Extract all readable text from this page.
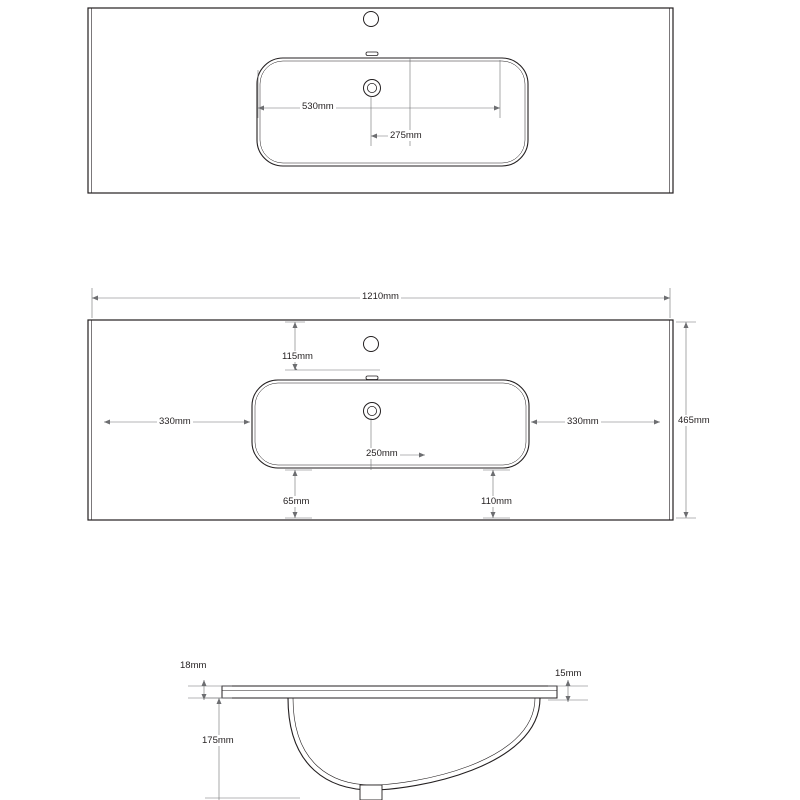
530mm
275mm
1210mm
115mm
330mm	330mm
250mm
65mm	110mm
465mm
18mm
15mm
175mm
